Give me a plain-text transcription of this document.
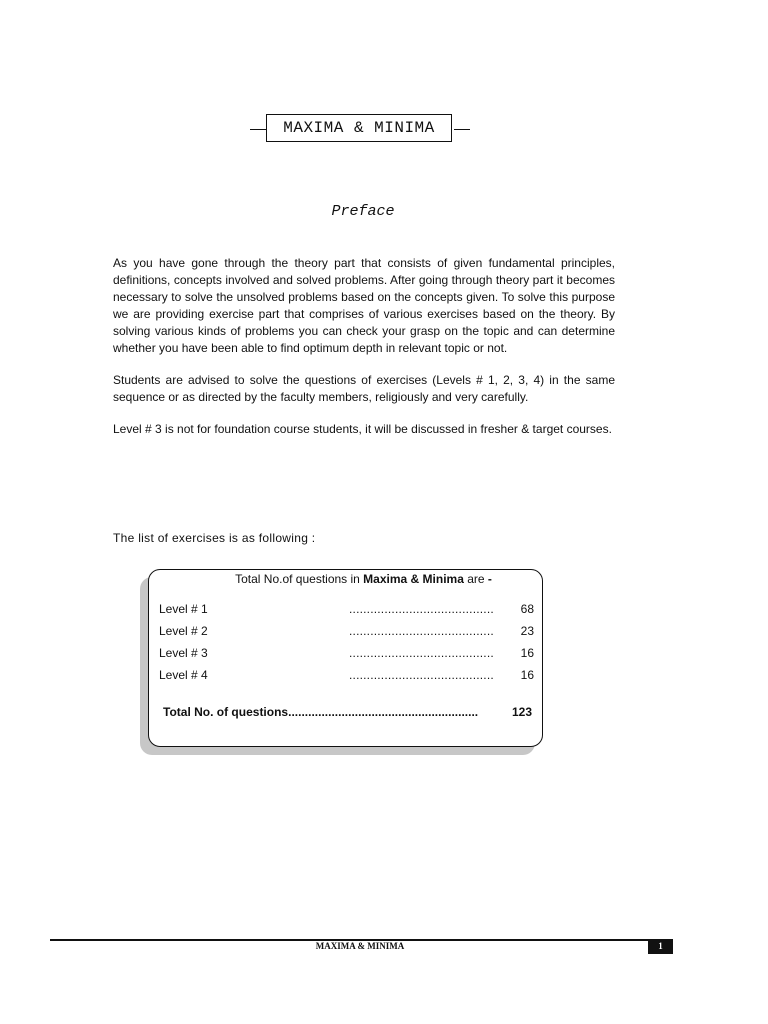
MAXIMA & MINIMA
Preface

As you have gone through the theory part that consists of given fundamental principles, definitions, concepts involved and solved problems. After going through theory part it becomes necessary to solve the unsolved problems based on the concepts given. To solve this purpose we are providing exercise part that comprises of various exercises based on the theory. By solving various kinds of problems you can check your grasp on the topic and can determine whether you have been able to find optimum depth in relevant topic or not.

Students are advised to solve the questions of exercises (Levels # 1, 2, 3, 4) in the same sequence or as directed by the faculty members, religiously and very carefully.

Level # 3 is not for foundation course students, it will be discussed in fresher & target courses.

The list of exercises is as following :
Total No.of questions in Maxima & Minima are -
Level # 1	......................................... 68
Level # 2	......................................... 23
Level # 3	......................................... 16
Level # 4	......................................... 16
Total No. of questions.........................................................	123
MAXIMA & MINIMA	1
